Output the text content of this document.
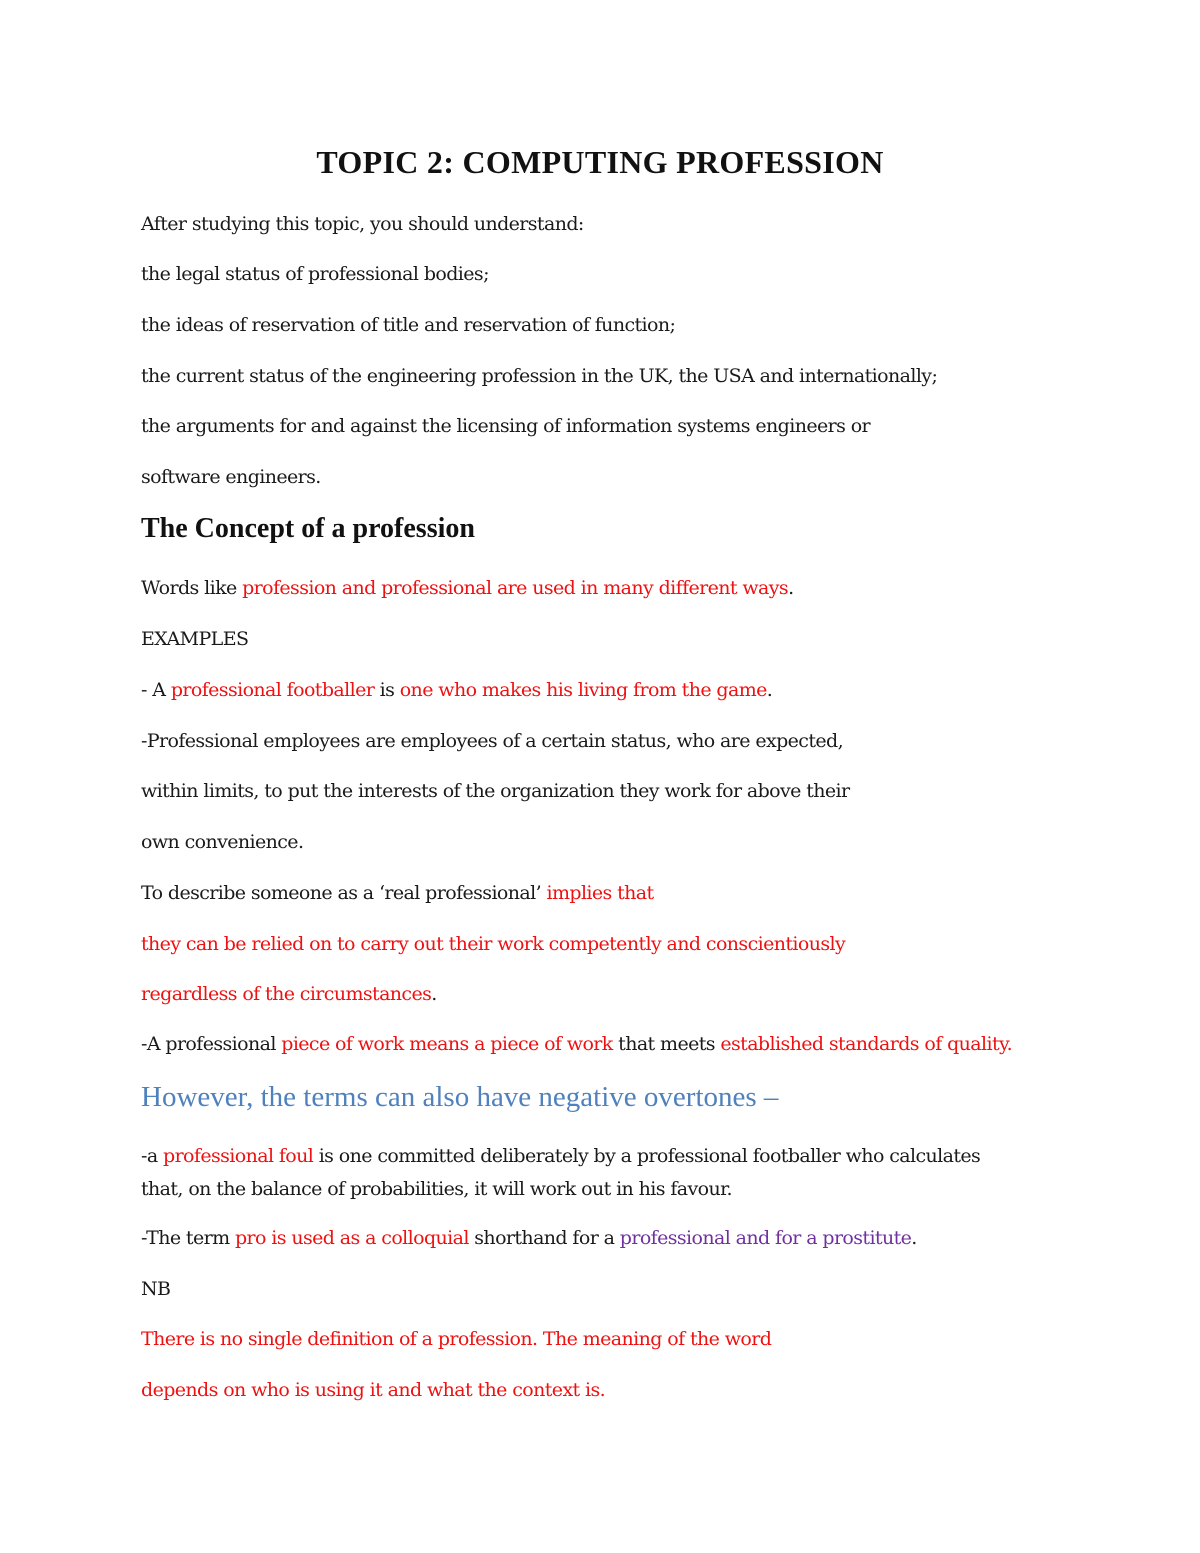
TOPIC 2: COMPUTING PROFESSION
After studying this topic, you should understand:
the legal status of professional bodies;
the ideas of reservation of title and reservation of function;
the current status of the engineering profession in the UK, the USA and internationally;
the arguments for and against the licensing of information systems engineers or
software engineers.
The Concept of a profession
Words like profession and professional are used in many different ways.
EXAMPLES
- A professional footballer is one who makes his living from the game.
-Professional employees are employees of a certain status, who are expected,
within limits, to put the interests of the organization they work for above their
own convenience.
To describe someone as a ‘real professional’ implies that
they can be relied on to carry out their work competently and conscientiously
regardless of the circumstances.
-A professional piece of work means a piece of work that meets established standards of quality.
However, the terms can also have negative overtones –
-a professional foul is one committed deliberately by a professional footballer who calculates
that, on the balance of probabilities, it will work out in his favour.
-The term pro is used as a colloquial shorthand for a professional and for a prostitute.
NB
There is no single definition of a profession. The meaning of the word
depends on who is using it and what the context is.
